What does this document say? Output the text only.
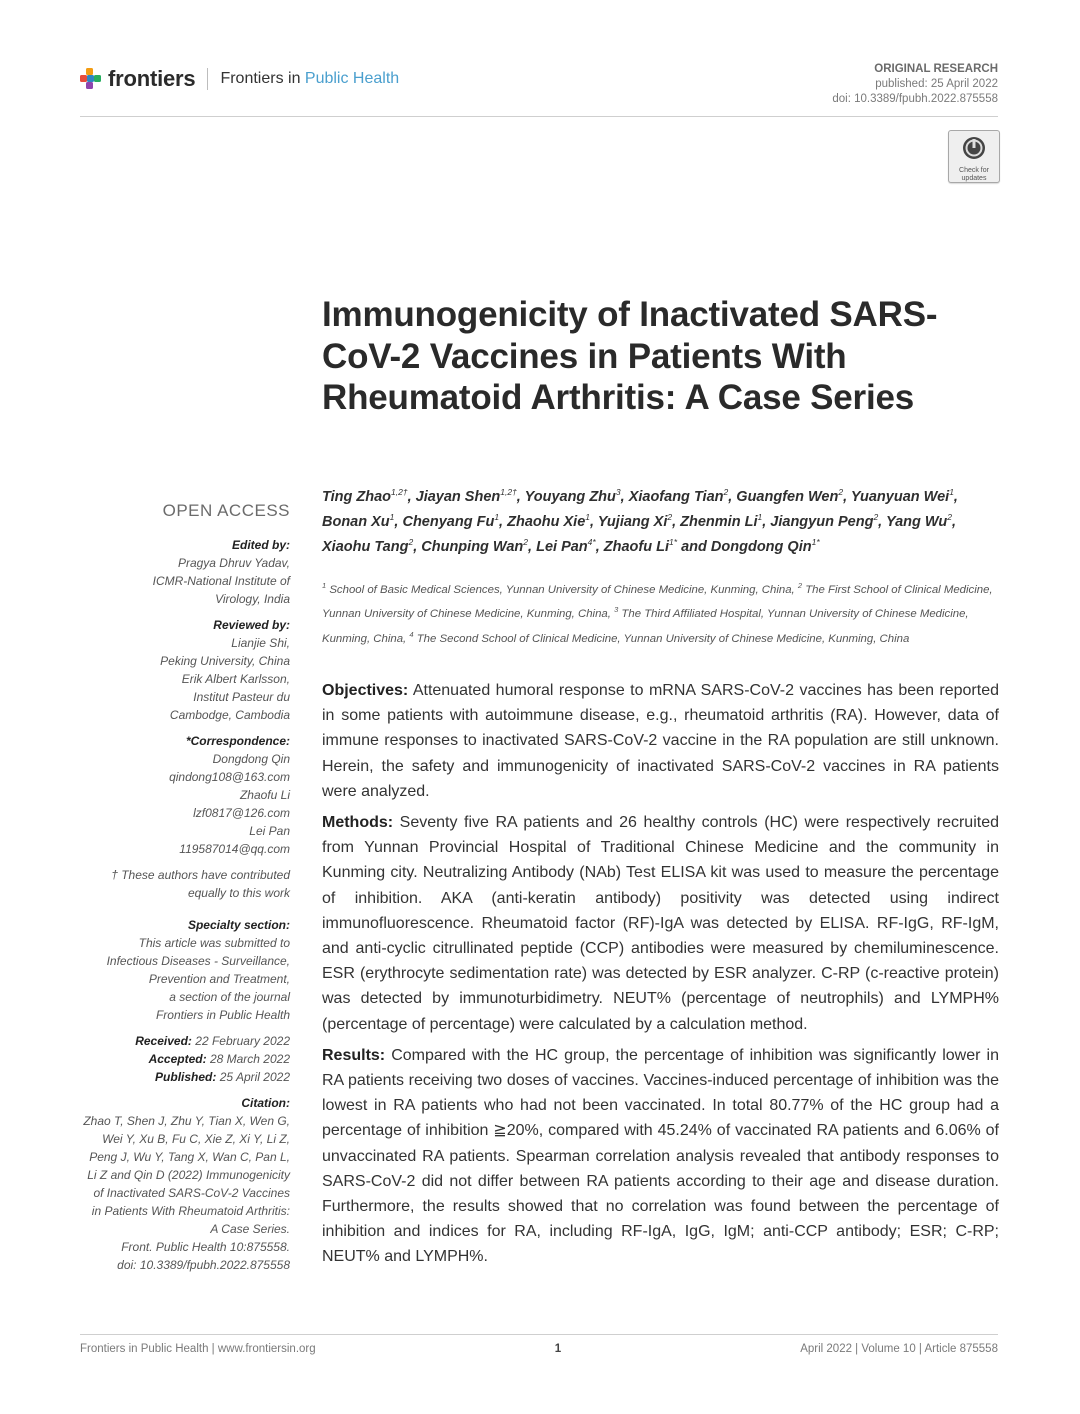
frontiers Frontiers in Public Health
ORIGINAL RESEARCH
published: 25 April 2022
doi: 10.3389/fpubh.2022.875558
Check for
updates
Immunogenicity of Inactivated SARS-CoV-2 Vaccines in Patients With Rheumatoid Arthritis: A Case Series
Ting Zhao$^{1,2\dagger}$, Jiayan Shen$^{1,2\dagger}$, Youyang Zhu$^3$, Xiaofang Tian$^2$, Guangfen Wen$^2$, Yuanyuan Wei$^1$, Bonan Xu$^1$, Chenyang Fu$^1$, Zhaohu Xie$^1$, Yujiang Xi$^2$, Zhenmin Li$^1$, Jiangyun Peng$^2$, Yang Wu$^2$, Xiaohu Tang$^2$, Chunping Wan$^2$, Lei Pan$^{4*}$, Zhaofu $Li^{1*}$ and Dongdong Qin$^{1*}$
$^1$ School of Basic Medical Sciences, Yunnan University of Chinese Medicine, Kunming, China, $^2$ The First School of Clinical Medicine, Yunnan University of Chinese Medicine, Kunming, China, $^3$ The Third Affiliated Hospital, Yunnan University of Chinese Medicine, Kunming, China, $^4$ The Second School of Clinical Medicine, Yunnan University of Chinese Medicine, Kunming, China
OPEN ACCESS
Edited by:
Pragya Dhruv Yadav,
ICMR-National Institute of
Virology, India
Reviewed by:
Lianjie Shi,
Peking University, China
Erik Albert Karlsson,
Institut Pasteur du
Cambodge, Cambodia
*Correspondence:
Dongdong Qin
qindong108@163.com
Zhaofu Li
lzf0817@126.com
Lei Pan
119587014@qq.com
† These authors have contributed
equally to this work
Specialty section:
This article was submitted to
Infectious Diseases - Surveillance,
Prevention and Treatment,
a section of the journal
Frontiers in Public Health
Received: 22 February 2022
Accepted: 28 March 2022
Published: 25 April 2022
Citation:
Zhao T, Shen J, Zhu Y, Tian X, Wen G,
Wei Y, Xu B, Fu C, Xie Z, Xi Y, Li Z,
Peng J, Wu Y, Tang X, Wan C, Pan L,
Li Z and Qin D (2022) Immunogenicity
of Inactivated SARS-CoV-2 Vaccines
in Patients With Rheumatoid Arthritis:
A Case Series.
Front. Public Health 10:875558.
doi: 10.3389/fpubh.2022.875558

Objectives: Attenuated humoral response to mRNA SARS-CoV-2 vaccines has been reported in some patients with autoimmune disease, e.g., rheumatoid arthritis (RA). However, data of immune responses to inactivated SARS-CoV-2 vaccine in the RA population are still unknown. Herein, the safety and immunogenicity of inactivated SARS-CoV-2 vaccines in RA patients were analyzed.

Methods: Seventy five RA patients and 26 healthy controls (HC) were respectively recruited from Yunnan Provincial Hospital of Traditional Chinese Medicine and the community in Kunming city. Neutralizing Antibody (NAb) Test ELISA kit was used to measure the percentage of inhibition. AKA (anti-keratin antibody) positivity was detected using indirect immunofluorescence. Rheumatoid factor (RF)-IgA was detected by ELISA. RF-IgG, RF-IgM, and anti-cyclic citrullinated peptide (CCP) antibodies were measured by chemiluminescence. ESR (erythrocyte sedimentation rate) was detected by ESR analyzer. C-RP (c-reactive protein) was detected by immunoturbidimetry. NEUT% (percentage of neutrophils) and LYMPH% (percentage of percentage) were calculated by a calculation method.

Results: Compared with the HC group, the percentage of inhibition was significantly lower in RA patients receiving two doses of vaccines. Vaccines-induced percentage of inhibition was the lowest in RA patients who had not been vaccinated. In total 80.77% of the HC group had a percentage of inhibition ≧20%, compared with 45.24% of vaccinated RA patients and 6.06% of unvaccinated RA patients. Spearman correlation analysis revealed that antibody responses to SARS-CoV-2 did not differ between RA patients according to their age and disease duration. Furthermore, the results showed that no correlation was found between the percentage of inhibition and indices for RA, including RF-IgA, IgG, IgM; anti-CCP antibody; ESR; C-RP; NEUT% and LYMPH%.

Frontiers in Public Health | www.frontiersin.org	1	April 2022 | Volume 10 | Article 875558
